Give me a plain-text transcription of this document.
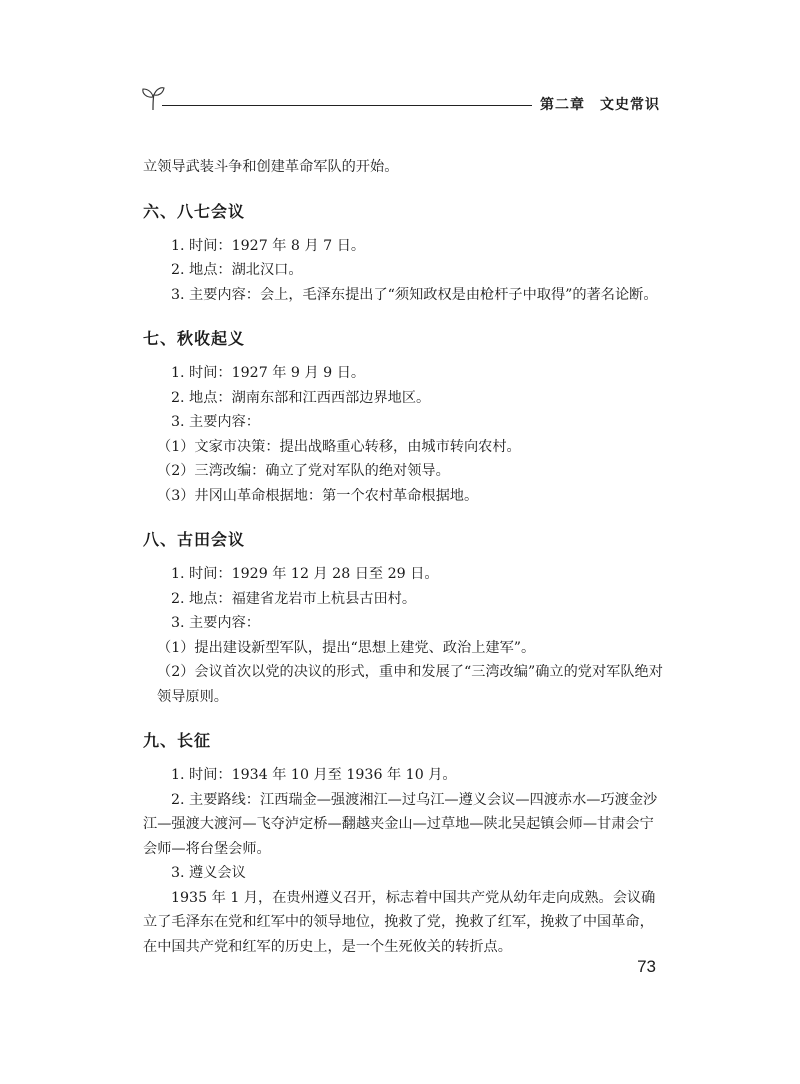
第二章　文史常识

立领导武装斗争和创建革命军队的开始。

六、八七会议

1. 时间：1927 年 8 月 7 日。

2. 地点：湖北汉口。

3. 主要内容：会上，毛泽东提出了“须知政权是由枪杆子中取得”的著名论断。

七、秋收起义

1. 时间：1927 年 9 月 9 日。

2. 地点：湖南东部和江西西部边界地区。

3. 主要内容：

（1）文家市决策：提出战略重心转移，由城市转向农村。

（2）三湾改编：确立了党对军队的绝对领导。

（3）井冈山革命根据地：第一个农村革命根据地。

八、古田会议

1. 时间：1929 年 12 月 28 日至 29 日。

2. 地点：福建省龙岩市上杭县古田村。

3. 主要内容：

（1）提出建设新型军队，提出“思想上建党、政治上建军”。

（2）会议首次以党的决议的形式，重申和发展了“三湾改编”确立的党对军队绝对领导原则。

九、长征

1. 时间：1934 年 10 月至 1936 年 10 月。

2. 主要路线：江西瑞金—强渡湘江—过乌江—遵义会议—四渡赤水—巧渡金沙江—强渡大渡河—飞夺泸定桥—翻越夹金山—过草地—陕北吴起镇会师—甘肃会宁会师—将台堡会师。

3. 遵义会议

1935 年 1 月，在贵州遵义召开，标志着中国共产党从幼年走向成熟。会议确立了毛泽东在党和红军中的领导地位，挽救了党，挽救了红军，挽救了中国革命，在中国共产党和红军的历史上，是一个生死攸关的转折点。

73
